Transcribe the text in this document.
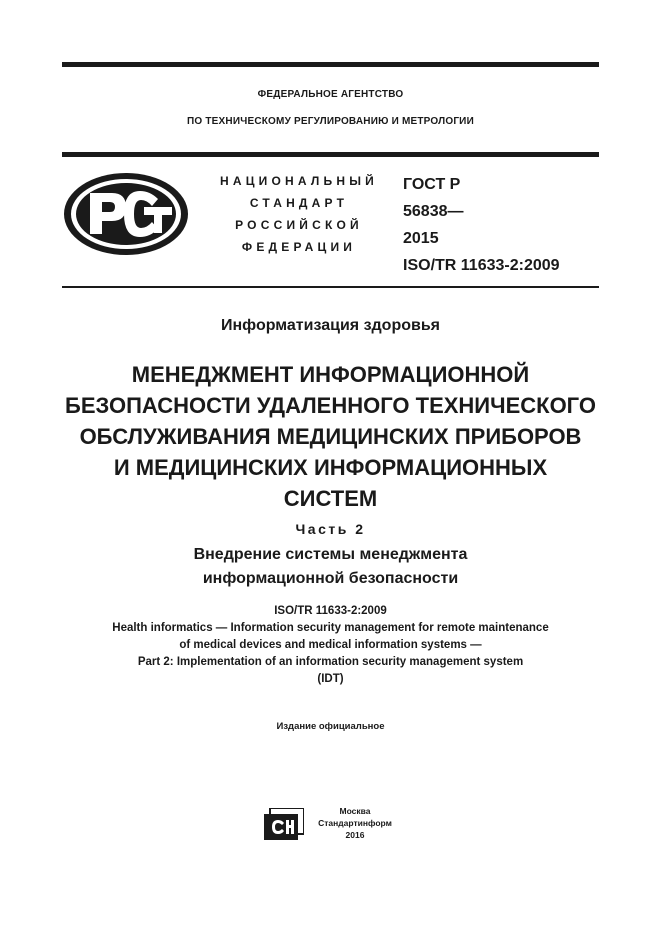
ФЕДЕРАЛЬНОЕ АГЕНТСТВО
ПО ТЕХНИЧЕСКОМУ РЕГУЛИРОВАНИЮ И МЕТРОЛОГИИ
НАЦИОНАЛЬНЫЙ
СТАНДАРТ
РОССИЙСКОЙ
ФЕДЕРАЦИИ
ГОСТ Р
56838—
2015
ISO/TR 11633-2:2009
Информатизация здоровья
МЕНЕДЖМЕНТ ИНФОРМАЦИОННОЙ
БЕЗОПАСНОСТИ УДАЛЕННОГО ТЕХНИЧЕСКОГО
ОБСЛУЖИВАНИЯ МЕДИЦИНСКИХ ПРИБОРОВ
И МЕДИЦИНСКИХ ИНФОРМАЦИОННЫХ
СИСТЕМ
Часть 2
Внедрение системы менеджмента
информационной безопасности
ISO/TR 11633-2:2009
Health informatics — Information security management for remote maintenance
of medical devices and medical information systems —
Part 2: Implementation of an information security management system
(IDT)
Издание официальное
Москва
Стандартинформ
2016
